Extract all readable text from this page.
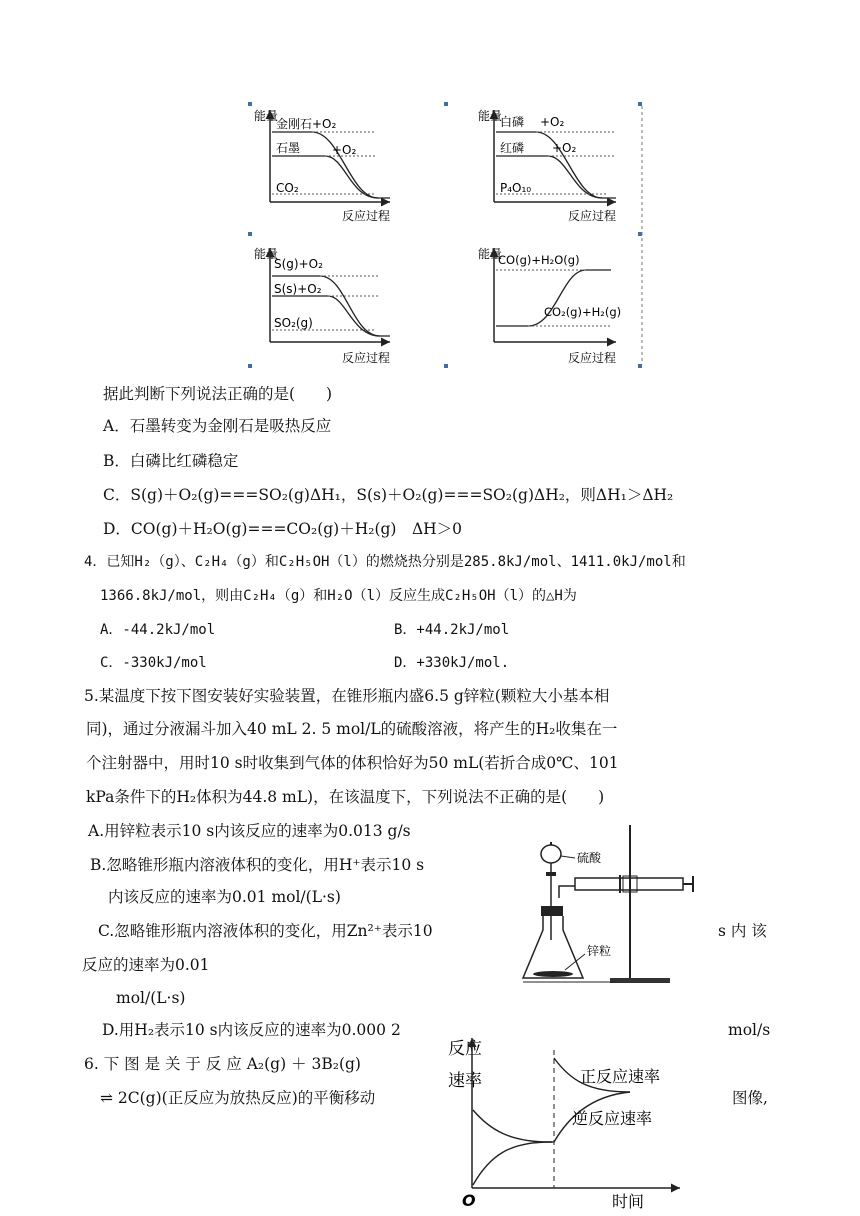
能量
金刚石+O₂
石墨	+O₂
CO₂
反应过程
能量
白磷 +O₂
红磷 +O₂
P₄O₁₀
反应过程
能量
S(g)+O₂
S(s)+O₂
SO₂(g)
反应过程
能量
CO(g)+H₂O(g)
CO₂(g)+H₂(g)
反应过程
据此判断下列说法正确的是(　　)
A．石墨转变为金刚石是吸热反应
B．白磷比红磷稳定
C．S(g)＋O₂(g)===SO₂(g)ΔH₁，S(s)＋O₂(g)===SO₂(g)ΔH₂，则ΔH₁＞ΔH₂
D．CO(g)＋H₂O(g)===CO₂(g)＋H₂(g)　ΔH＞0
4．已知H₂（g）、C₂H₄（g）和C₂H₅OH（l）的燃烧热分别是285.8kJ/mol、1411.0kJ/mol和
1366.8kJ/mol，则由C₂H₄（g）和H₂O（l）反应生成C₂H₅OH（l）的△H为
A．-44.2kJ/mol	B．+44.2kJ/mol
C．-330kJ/mol	D．+330kJ/mol.
5.某温度下按下图安装好实验装置，在锥形瓶内盛6.5 g锌粒(颗粒大小基本相
同)，通过分液漏斗加入40 mL 2. 5 mol/L的硫酸溶液，将产生的H₂收集在一
个注射器中，用时10 s时收集到气体的体积恰好为50 mL(若折合成0℃、101
kPa条件下的H₂体积为44.8 mL)，在该温度下，下列说法不正确的是(　　)
A.用锌粒表示10 s内该反应的速率为0.013 g/s
B.忽略锥形瓶内溶液体积的变化，用H⁺表示10 s
内该反应的速率为0.01 mol/(L·s)
C.忽略锥形瓶内溶液体积的变化，用Zn²⁺表示10	s 内 该
反应的速率为0.01
mol/(L·s)
D.用H₂表示10 s内该反应的速率为0.000 2	mol/s
硫酸
锌粒
6. 下 图 是 关 于 反 应 A₂(g) ＋ 3B₂(g)
⇌ 2C(g)(正反应为放热反应)的平衡移动	图像,
反应
速率	正反应速率
逆反应速率
O	时间
